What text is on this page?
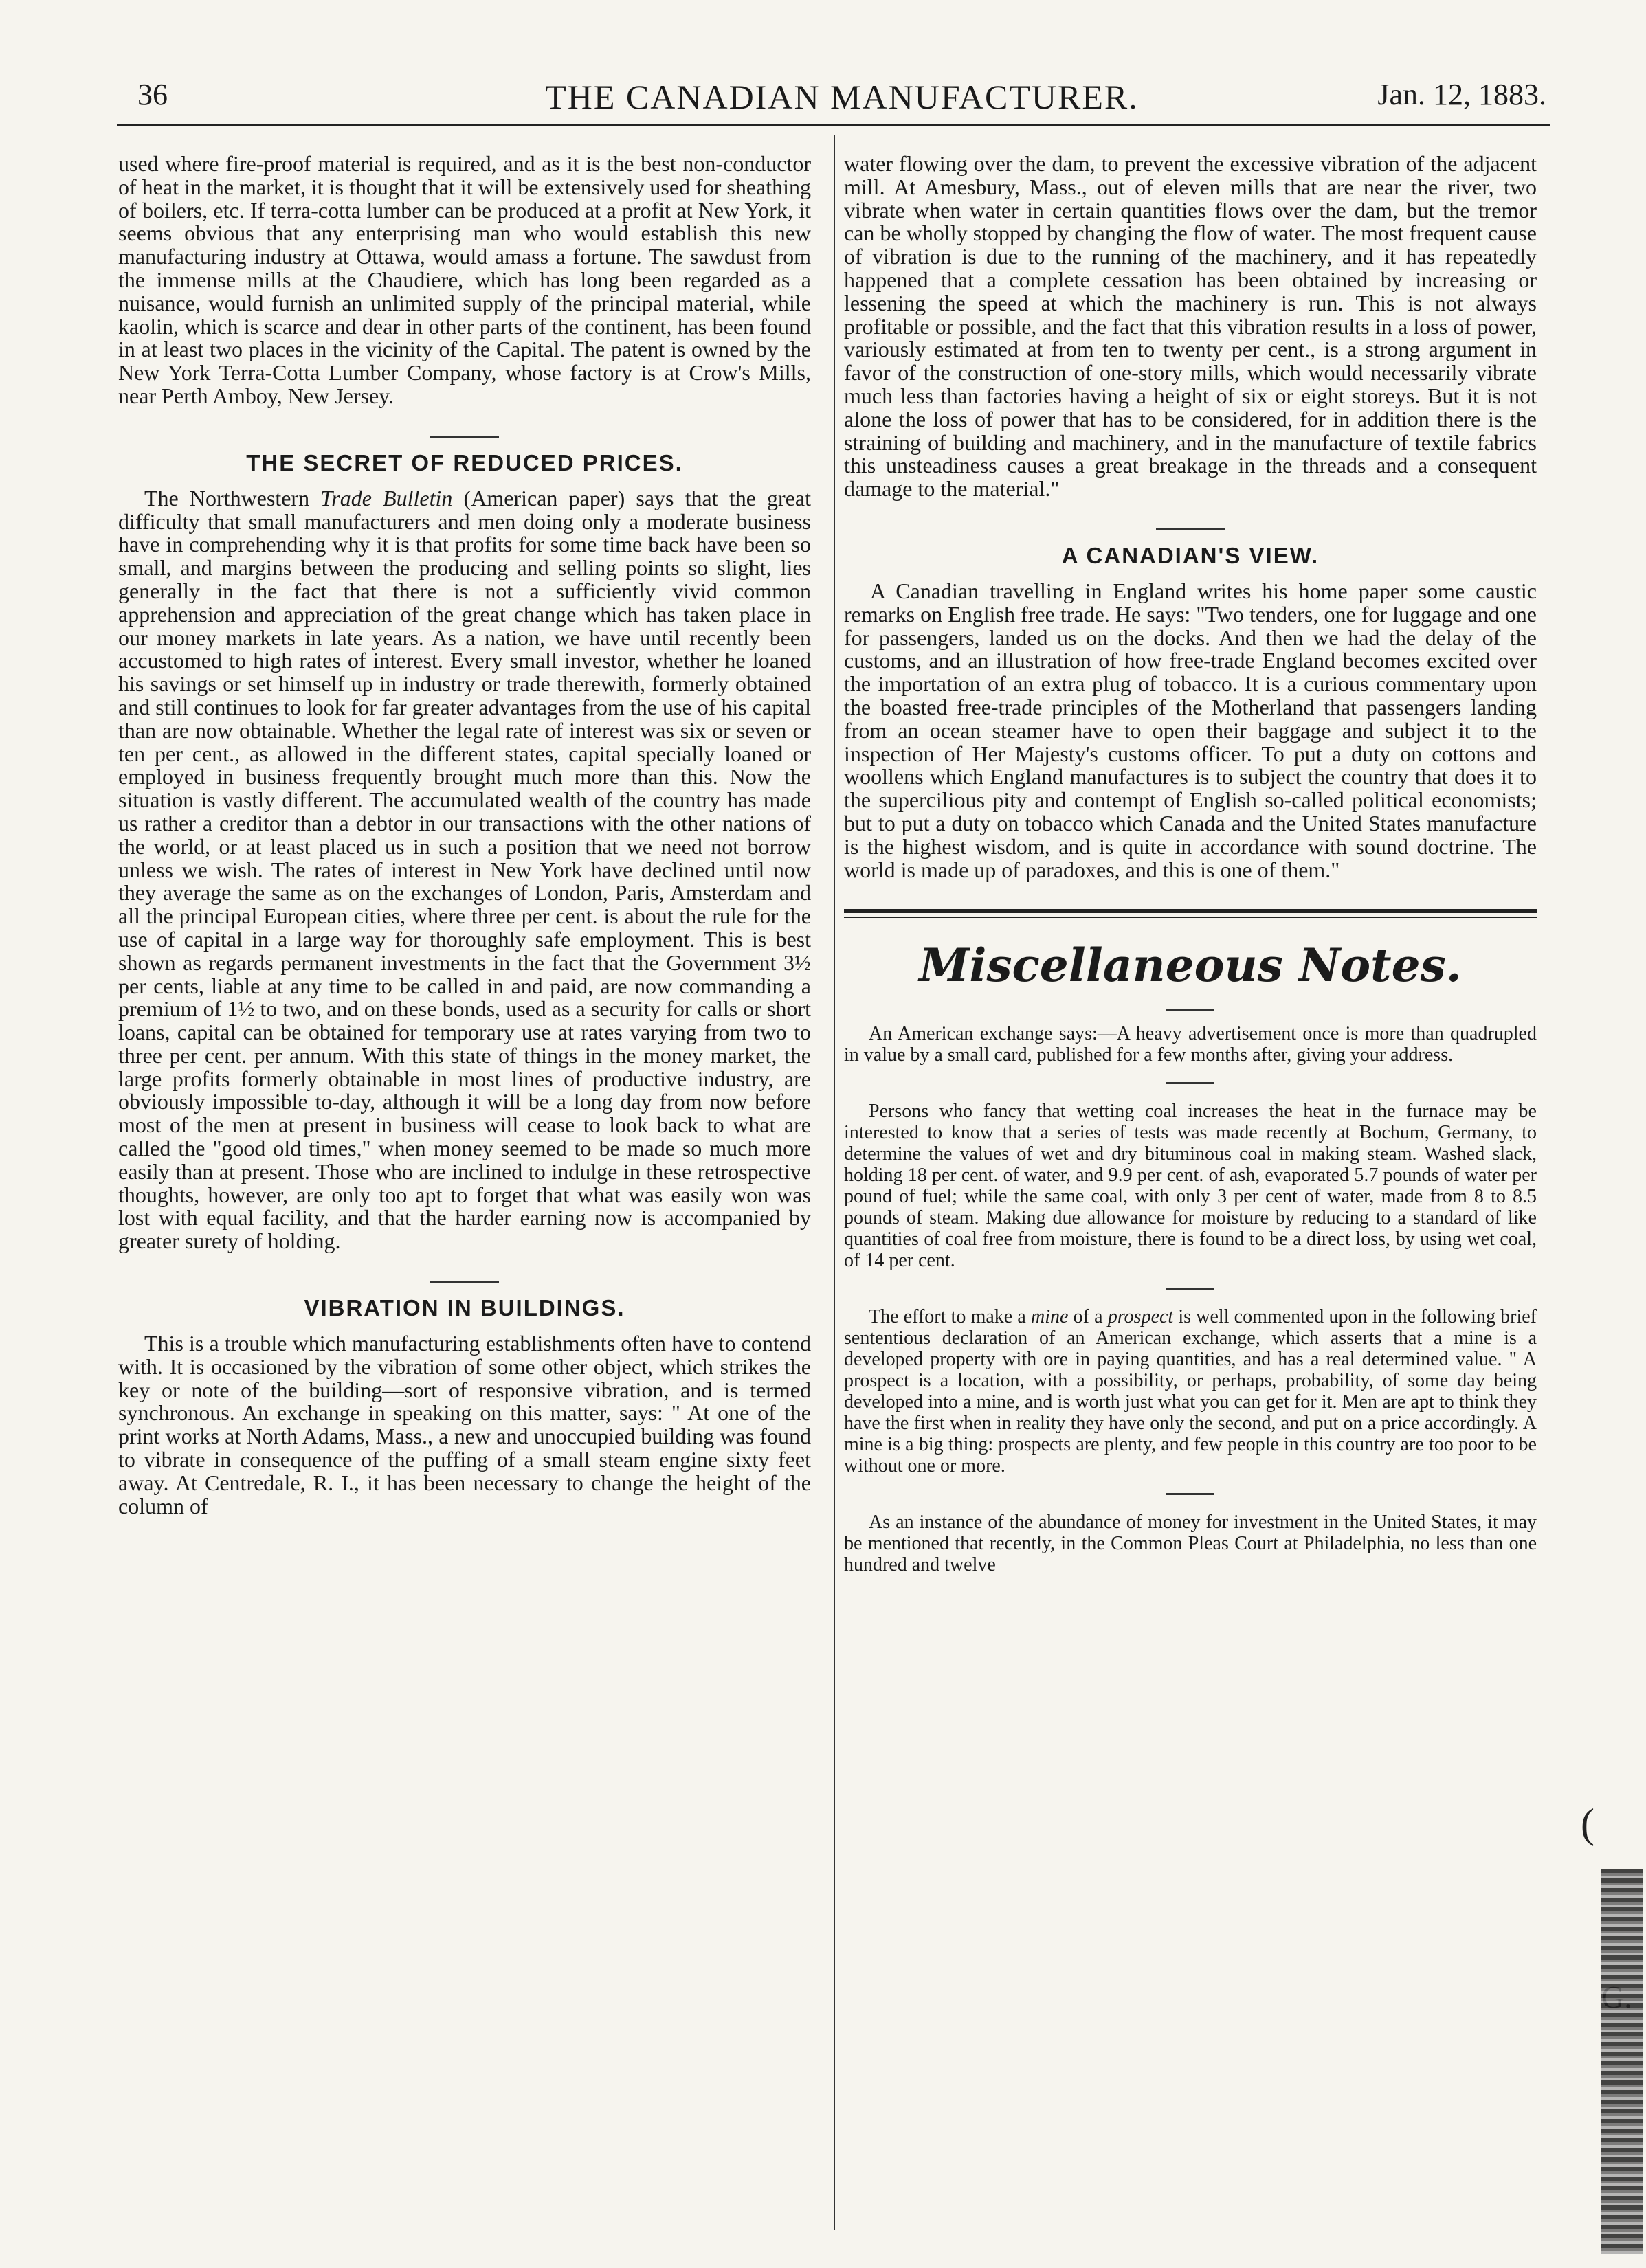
36	THE CANADIAN MANUFACTURER.	Jan. 12, 1883.

used where fire-proof material is required, and as it is the best non-conductor of heat in the market, it is thought that it will be extensively used for sheathing of boilers, etc. If terra-cotta lumber can be produced at a profit at New York, it seems obvious that any enterprising man who would establish this new manufacturing industry at Ottawa, would amass a fortune. The sawdust from the immense mills at the Chaudiere, which has long been regarded as a nuisance, would furnish an unlimited supply of the principal material, while kaolin, which is scarce and dear in other parts of the continent, has been found in at least two places in the vicinity of the Capital. The patent is owned by the New York Terra-Cotta Lumber Company, whose factory is at Crow's Mills, near Perth Amboy, New Jersey.

THE SECRET OF REDUCED PRICES.

The Northwestern Trade Bulletin (American paper) says that the great difficulty that small manufacturers and men doing only a moderate business have in comprehending why it is that profits for some time back have been so small, and margins between the producing and selling points so slight, lies generally in the fact that there is not a sufficiently vivid common apprehension and appreciation of the great change which has taken place in our money markets in late years. As a nation, we have until recently been accustomed to high rates of interest. Every small investor, whether he loaned his savings or set himself up in industry or trade therewith, formerly obtained and still continues to look for far greater advantages from the use of his capital than are now obtainable. Whether the legal rate of interest was six or seven or ten per cent., as allowed in the different states, capital specially loaned or employed in business frequently brought much more than this. Now the situation is vastly different. The accumulated wealth of the country has made us rather a creditor than a debtor in our transactions with the other nations of the world, or at least placed us in such a position that we need not borrow unless we wish. The rates of interest in New York have declined until now they average the same as on the exchanges of London, Paris, Amsterdam and all the principal European cities, where three per cent. is about the rule for the use of capital in a large way for thoroughly safe employment. This is best shown as regards permanent investments in the fact that the Government 3½ per cents, liable at any time to be called in and paid, are now commanding a premium of 1½ to two, and on these bonds, used as a security for calls or short loans, capital can be obtained for temporary use at rates varying from two to three per cent. per annum. With this state of things in the money market, the large profits formerly obtainable in most lines of productive industry, are obviously impossible to-day, although it will be a long day from now before most of the men at present in business will cease to look back to what are called the "good old times," when money seemed to be made so much more easily than at present. Those who are inclined to indulge in these retrospective thoughts, however, are only too apt to forget that what was easily won was lost with equal facility, and that the harder earning now is accompanied by greater surety of holding.

VIBRATION IN BUILDINGS.

This is a trouble which manufacturing establishments often have to contend with. It is occasioned by the vibration of some other object, which strikes the key or note of the building—sort of responsive vibration, and is termed synchronous. An exchange in speaking on this matter, says: " At one of the print works at North Adams, Mass., a new and unoccupied building was found to vibrate in consequence of the puffing of a small steam engine sixty feet away. At Centredale, R. I., it has been necessary to change the height of the column of

water flowing over the dam, to prevent the excessive vibration of the adjacent mill. At Amesbury, Mass., out of eleven mills that are near the river, two vibrate when water in certain quantities flows over the dam, but the tremor can be wholly stopped by changing the flow of water. The most frequent cause of vibration is due to the running of the machinery, and it has repeatedly happened that a complete cessation has been obtained by increasing or lessening the speed at which the machinery is run. This is not always profitable or possible, and the fact that this vibration results in a loss of power, variously estimated at from ten to twenty per cent., is a strong argument in favor of the construction of one-story mills, which would necessarily vibrate much less than factories having a height of six or eight storeys. But it is not alone the loss of power that has to be considered, for in addition there is the straining of building and machinery, and in the manufacture of textile fabrics this unsteadiness causes a great breakage in the threads and a consequent damage to the material."

A CANADIAN'S VIEW.

A Canadian travelling in England writes his home paper some caustic remarks on English free trade. He says: "Two tenders, one for luggage and one for passengers, landed us on the docks. And then we had the delay of the customs, and an illustration of how free-trade England becomes excited over the importation of an extra plug of tobacco. It is a curious commentary upon the boasted free-trade principles of the Motherland that passengers landing from an ocean steamer have to open their baggage and subject it to the inspection of Her Majesty's customs officer. To put a duty on cottons and woollens which England manufactures is to subject the country that does it to the supercilious pity and contempt of English so-called political economists; but to put a duty on tobacco which Canada and the United States manufacture is the highest wisdom, and is quite in accordance with sound doctrine. The world is made up of paradoxes, and this is one of them."

Miscellaneous Notes.

An American exchange says:—A heavy advertisement once is more than quadrupled in value by a small card, published for a few months after, giving your address.

Persons who fancy that wetting coal increases the heat in the furnace may be interested to know that a series of tests was made recently at Bochum, Germany, to determine the values of wet and dry bituminous coal in making steam. Washed slack, holding 18 per cent. of water, and 9.9 per cent. of ash, evaporated 5.7 pounds of water per pound of fuel; while the same coal, with only 3 per cent of water, made from 8 to 8.5 pounds of steam. Making due allowance for moisture by reducing to a standard of like quantities of coal free from moisture, there is found to be a direct loss, by using wet coal, of 14 per cent.

The effort to make a mine of a prospect is well commented upon in the following brief sententious declaration of an American exchange, which asserts that a mine is a developed property with ore in paying quantities, and has a real determined value. " A prospect is a location, with a possibility, or perhaps, probability, of some day being developed into a mine, and is worth just what you can get for it. Men are apt to think they have the first when in reality they have only the second, and put on a price accordingly. A mine is a big thing: prospects are plenty, and few people in this country are too poor to be without one or more.

As an instance of the abundance of money for investment in the United States, it may be mentioned that recently, in the Common Pleas Court at Philadelphia, no less than one hundred and twelve

(
